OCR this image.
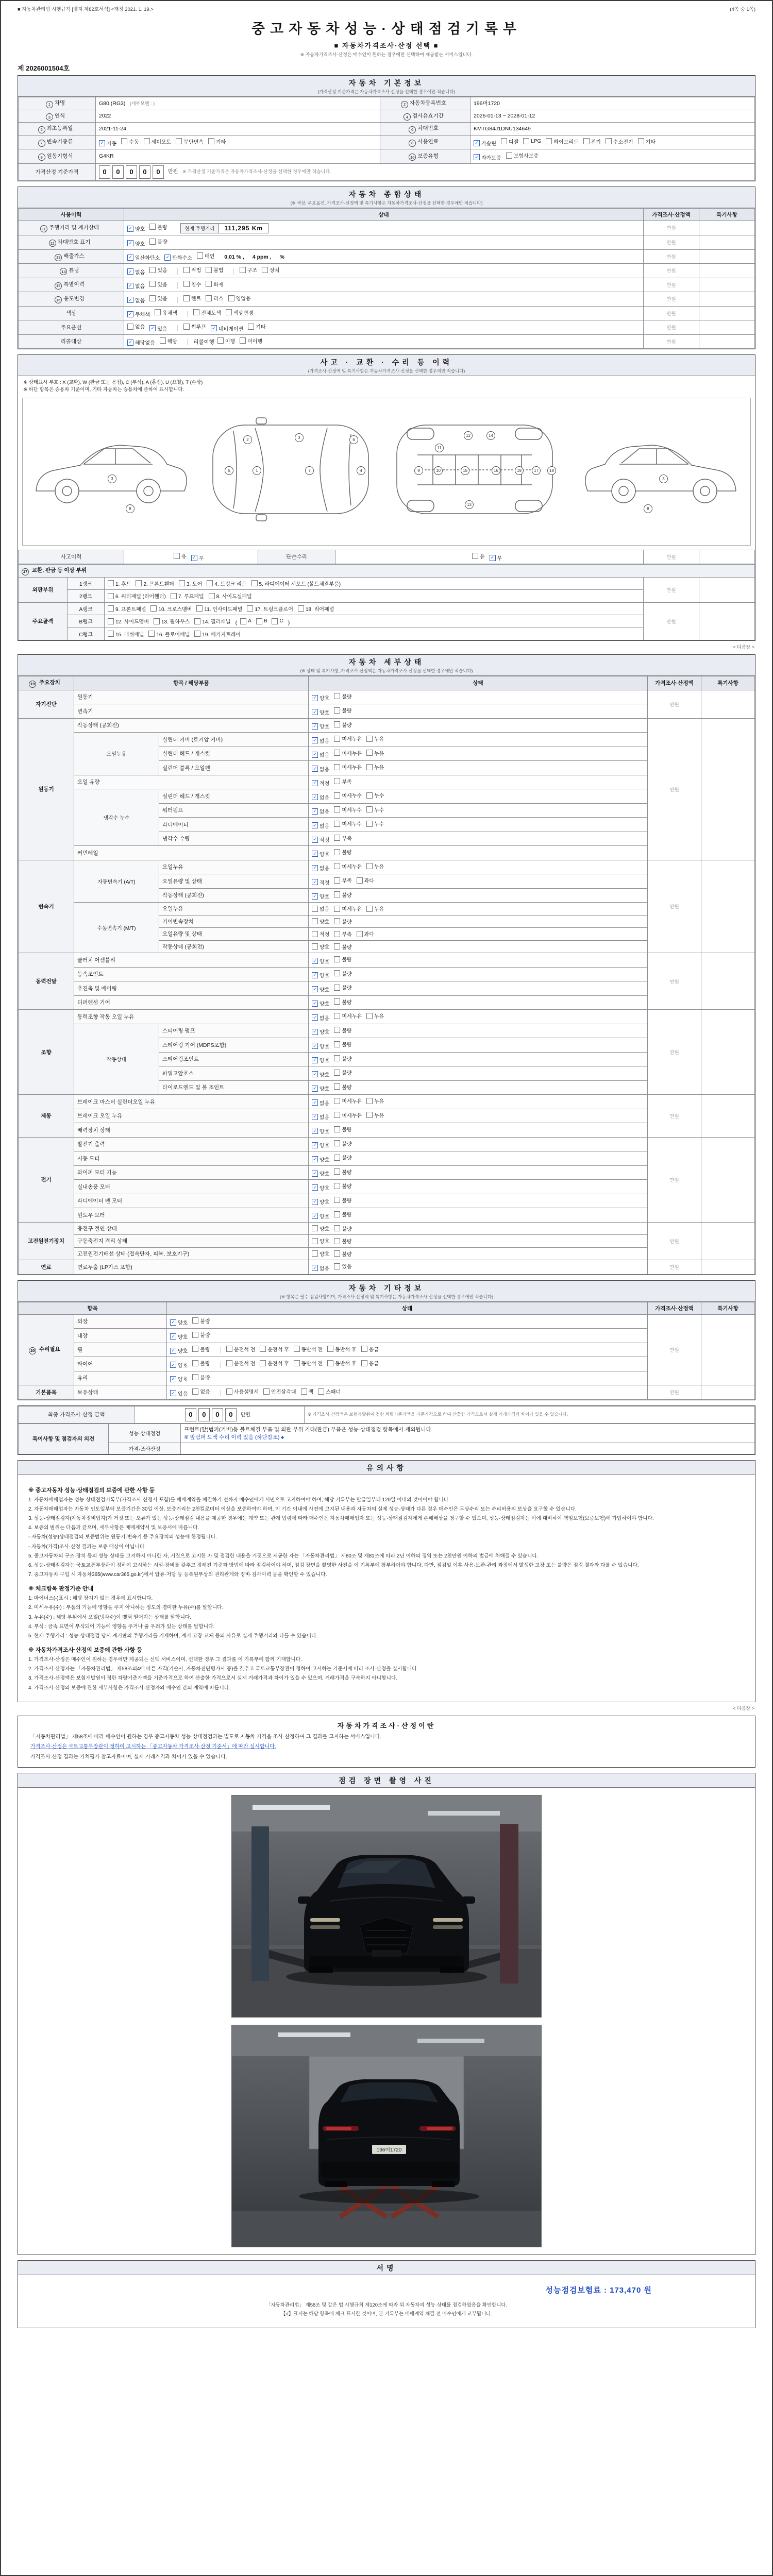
■ 자동차관리법 시행규칙 [별지 제82호서식] <개정 2021. 1. 19.>	(4쪽 중 1쪽)
중고자동차성능·상태점검기록부
■ 자동차가격조사·산정 선택 ■
※ 자동차가격조사·산정은 매수인이 원하는 경우에만 선택하여 제공받는 서비스입니다.
제 2026001504호
자동차 기본정보
(가격산정 기준가격은 자동차가격조사·산정을 선택한 경우에만 적습니다)
1 차명	G80 (RG3) (세부모델 : )	2 자동차등록번호	196머1720
3 연식	2022	4 검사유효기간	2026-01-13 ~ 2028-01-12
5 최초등록일	2021-11-24	6 차대번호	KMTG84J1DNU134649
7 변속기종류	✓ 자동 수동 세미오토 무단변속 기타	8 사용연료	✓ 가솔린 디젤 LPG 하이브리드 전기 수소전기 기타

9 원동기형식	G4KR	10 보증유형	✓ 자가보증 보험사보증

가격산정 기준가격	0 0 0 0 0 만원 ※ 가격산정 기준가격은 자동차가격조사·산정을 선택한 경우에만 적습니다.		
자동차 종합상태
(※ 색상, 주요옵션, 가격조사·산정액 및 특기사항은 자동차가격조사·산정을 선택한 경우에만 적습니다)
사용이력	상태	가격조사·산정액	특기사항
11 주행거리 및 계기상태	✓ 양호 불량 현재 주행거리 111,295 Km	만원	
12 차대번호 표기	✓ 양호 불량	만원	
13 배출가스	✓ 일산화탄소 ✓ 탄화수소 매연 0.01 % , 4 ppm , %	만원	
14 튜닝	✓ 없음 있음 │ 적법 불법 │ 구조 장치	만원	
15 특별이력	✓ 없음 있음 │ 침수 화재	만원	
16 용도변경	✓ 없음 있음 │ 렌트 리스 영업용	만원	
색상	✓ 무채색 유채색 │ 전체도색 색상변경	만원	
주요옵션	없음 ✓ 있음 │ 썬루프 ✓ 네비게이션 기타	만원	
리콜대상	✓ 해당없음 해당 │ 리콜이행 이행 미이행	만원	
사고 · 교환 · 수리 등 이력
(가격조사·산정액 및 특기사항은 자동차가격조사·산정을 선택한 경우에만 적습니다)
※ 상태표시 부호 : X (교환), W (판금 또는 용접), C (부식), A (흠집), U (요철), T (손상)
※ 하단 항목은 승용차 기준이며, 기타 자동차는 승용차에 준하여 표시합니다.
3
8
5	1
2	3
7
6
4	9	10
11
12
15
13
14
16	19	17	18
3
8
사고이력	유 ✓ 무	단순수리	유 ✓ 무	만원	
17 교환, 판금 등 이상 부위				
외판부위	1랭크	1. 후드 2. 프론트휀더 3. 도어 4. 트렁크 리드 5. 라디에이터 서포트 (볼트체결부품)	만원	
	2랭크	6. 쿼터패널 (리어휀더) 7. 루프패널 8. 사이드실패널		

주요골격	A랭크	9. 프론트패널 10. 크로스멤버 11. 인사이드패널 17. 트렁크플로어 18. 리어패널	만원	
B랭크	12. 사이드멤버 13. 휠하우스 14. 필러패널 ( A B C )
	C랭크	15. 대쉬패널 16. 플로어패널 19. 패키지트레이		
< 다음장 >
자동차 세부상태
(※ 상태 및 특기사항, 가격조사·산정액은 자동차가격조사·산정을 선택한 경우에만 적습니다)
19 주요장치	항목 / 해당부품		상태	가격조사·산정액	특기사항
자기진단	원동기		✓ 양호 불량	만원	
	변속기		✓ 양호 불량		

원동기	작동상태 (공회전)		✓ 양호 불량	만원	
	오일누유	실린더 커버 (로커암 커버)	✓ 없음 미세누유 누유		

		실린더 헤드 / 개스킷	✓ 없음 미세누유 누유		

		실린더 블록 / 오일팬	✓ 없음 미세누유 누유		

	오일 유량		✓ 적정 부족		

	냉각수 누수	실린더 헤드 / 개스킷	✓ 없음 미세누수 누수		

		워터펌프	✓ 없음 미세누수 누수		

		라디에이터	✓ 없음 미세누수 누수		

		냉각수 수량	✓ 적정 부족		

	커먼레일		✓ 양호 불량		

변속기	자동변속기 (A/T)	오일누유	✓ 없음 미세누유 누유	만원	
		오일유량 및 상태	✓ 적정 부족 과다		

		작동상태 (공회전)	✓ 양호 불량		

	수동변속기 (M/T)	오일누유	없음 미세누유 누유		

		기어변속장치	양호 불량		

		오일유량 및 상태	적정 부족 과다		

		작동상태 (공회전)	양호 불량		

동력전달	클러치 어셈블리		✓ 양호 불량	만원	
	등속조인트		✓ 양호 불량		

	추진축 및 베어링		✓ 양호 불량		

	디퍼렌셜 기어		✓ 양호 불량		

조향	동력조향 작동 오일 누유		✓ 없음 미세누유 누유	만원	
	작동상태	스티어링 펌프	✓ 양호 불량		

		스티어링 기어 (MDPS포함)	✓ 양호 불량		

		스티어링조인트	✓ 양호 불량		

		파워고압호스	✓ 양호 불량		

		타이로드엔드 및 볼 조인트	✓ 양호 불량		

제동	브레이크 마스터 실린더오일 누유		✓ 없음 미세누유 누유	만원	
	브레이크 오일 누유		✓ 없음 미세누유 누유		

	배력장치 상태		✓ 양호 불량		

전기	발전기 출력		✓ 양호 불량	만원	
	시동 모터		✓ 양호 불량		

	와이퍼 모터 기능		✓ 양호 불량		

	실내송풍 모터		✓ 양호 불량		

	라디에이터 팬 모터		✓ 양호 불량		

	윈도우 모터		✓ 양호 불량		

고전원전기장치	충전구 절연 상태		양호 불량	만원	
	구동축전지 격리 상태		양호 불량		

	고전원전기배선 상태 (접속단자, 피복, 보호기구)		양호 불량		

연료	연료누출 (LP가스 포함)		✓ 없음 있음	만원	
자동차 기타정보
(※ 항목은 필수 점검사항이며, 가격조사·산정액 및 특기사항은 자동차가격조사·산정을 선택한 경우에만 적습니다)
항목		상태	가격조사·산정액	특기사항
20 수리필요	외장	✓ 양호 불량	만원	
	내장	✓ 양호 불량		

휠	✓ 양호 불량 │ 운전석 전 운전석 후 동반석 전 동반석 후 응급

타이어	✓ 양호 불량 │ 운전석 전 운전석 후 동반석 전 동반석 후 응급

	유리	✓ 양호 불량		

기본품목	보유상태	✓ 있음 없음 │ 사용설명서 안전삼각대 잭 스패너	만원	
최종 가격조사·산정 금액	0 0 0 0 만원	※ 가격조사·산정액은 보험개발원이 정한 차량기준가액을 기준가격으로 하여 산출한 가격으로서 실제 거래가격과 차이가 있을 수 있습니다.
특이사항 및 점검자의 의견	성능·상태점검	프런트(앞)범퍼(커버)등 볼트체결 부품 및 외판 부위 기타(판금) 부품은 성능·상태점검 항목에서 제외됩니다.
※ 앞범퍼 도색 수리 이력 있음 (하단참조) ♠
	가격·조사산정	
유의사항
※ 중고자동차 성능·상태점검의 보증에 관한 사항 등
1. 자동차매매업자는 성능·상태점검기록부(가격조사·산정서 포함)를 매매계약을 체결하기 전까지 매수인에게 서면으로 고지하여야 하며, 해당 기록부는 발급일부터 120일 이내의 것이어야 합니다.
2. 자동차매매업자는 자동차 인도일부터 보증기간은 30일 이상, 보증거리는 2천킬로미터 이상을 보증하여야 하며, 이 기간 이내에 사전에 고지된 내용과 자동차의 실제 성능·상태가 다른 경우 매수인은 무상수리 또는 수리비용의 보상을 요구할 수 있습니다.
3. 성능·상태점검자(자동차정비업자)가 거짓 또는 오류가 있는 성능·상태점검 내용을 제공한 경우에는 계약 또는 관계 법령에 따라 매수인은 자동차매매업자 또는 성능·상태점검자에게 손해배상을 청구할 수 있으며, 성능·상태점검자는 이에 대비하여 책임보험(보증보험)에 가입하여야 합니다.
4. 보증의 범위는 다음과 같으며, 세부사항은 매매계약서 및 보증서에 따릅니다.
- 자동차(성능)상태점검의 보증범위는 원동기·변속기 등 주요장치의 성능에 한정됩니다.
- 자동차(가격)조사·산정 결과는 보증 대상이 아닙니다.
5. 중고자동차의 구조·장치 등의 성능·상태를 고지하지 아니한 자, 거짓으로 고지한 자 및 점검한 내용을 거짓으로 제공한 자는 「자동차관리법」 제80조 및 제81조에 따라 2년 이하의 징역 또는 2천만원 이하의 벌금에 처해질 수 있습니다.
6. 성능·상태점검자는 국토교통부장관이 정하여 고시하는 시설·장비를 갖추고 정해진 기준과 방법에 따라 점검하여야 하며, 점검 장면을 촬영한 사진을 이 기록부에 첨부하여야 합니다. 다만, 점검일 이후 사용·보관·관리 과정에서 발생한 고장 또는 불량은 점검 결과와 다를 수 있습니다.
7. 중고자동차 구입 시 자동차365(www.car365.go.kr)에서 압류·저당 등 등록원부상의 권리관계와 정비·검사이력 등을 확인할 수 있습니다.
※ 체크항목 판정기준 안내
1. 마이너스(-)표시 : 해당 장치가 없는 경우에 표시합니다.
2. 미세누유(수) : 부품의 기능에 영향을 주지 아니하는 정도의 경미한 누유(수)를 말합니다.
3. 누유(수) : 해당 부위에서 오일(냉각수)이 맺혀 떨어지는 상태를 말합니다.
4. 부식 : 금속 표면이 부식되어 기능에 영향을 주거나 줄 우려가 있는 상태를 말합니다.
5. 현재 주행거리 : 성능·상태점검 당시 계기판의 주행거리를 기재하며, 계기 고장·교체 등의 사유로 실제 주행거리와 다를 수 있습니다.
※ 자동차가격조사·산정의 보증에 관한 사항 등
1. 가격조사·산정은 매수인이 원하는 경우에만 제공되는 선택 서비스이며, 선택한 경우 그 결과를 이 기록부에 함께 기재합니다.
2. 가격조사·산정자는 「자동차관리법」 제58조의4에 따른 자격(기술사, 자동차진단평가사 등)을 갖추고 국토교통부장관이 정하여 고시하는 기준서에 따라 조사·산정을 실시합니다.
3. 가격조사·산정액은 보험개발원이 정한 차량기준가액을 기준가격으로 하여 산출한 가격으로서 실제 거래가격과 차이가 있을 수 있으며, 거래가격을 구속하지 아니합니다.
4. 가격조사·산정의 보증에 관한 세부사항은 가격조사·산정자와 매수인 간의 계약에 따릅니다.
< 다음장 >
자동차가격조사·산정이란
「자동차관리법」 제58조에 따라 매수인이 원하는 경우 중고자동차 성능·상태점검과는 별도로 자동차 가격을 조사·산정하여 그 결과를 고지하는 서비스입니다.
가격조사·산정은 국토교통부장관이 정하여 고시하는 「중고자동차 가격조사·산정 기준서」에 따라 실시합니다.
가격조사·산정 결과는 가치평가 참고자료이며, 실제 거래가격과 차이가 있을 수 있습니다.
점검 장면 촬영 사진
196머1720
서명
성능점검보험료 : 173,470 원
「자동차관리법」 제58조 및 같은 법 시행규칙 제120조에 따라 위 자동차의 성능·상태를 점검하였음을 확인합니다.
【√】표시는 해당 항목에 체크 표시한 것이며, 본 기록부는 매매계약 체결 전 매수인에게 교부됩니다.
